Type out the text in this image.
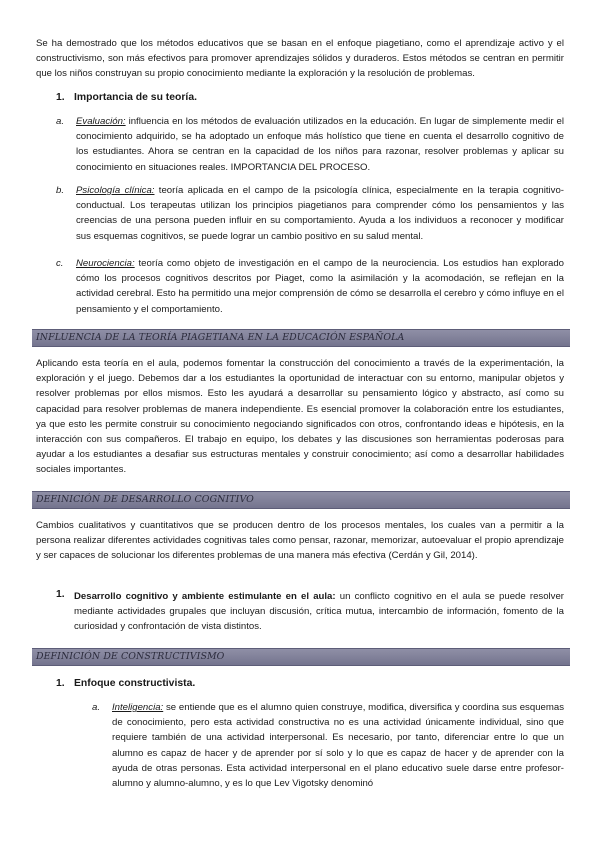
Se ha demostrado que los métodos educativos que se basan en el enfoque piagetiano, como el aprendizaje activo y el constructivismo, son más efectivos para promover aprendizajes sólidos y duraderos. Estos métodos se centran en permitir que los niños construyan su propio conocimiento mediante la exploración y la resolución de problemas.

1. Importancia de su teoría.
a. Evaluación: influencia en los métodos de evaluación utilizados en la educación. En lugar de simplemente medir el conocimiento adquirido, se ha adoptado un enfoque más holístico que tiene en cuenta el desarrollo cognitivo de los estudiantes. Ahora se centran en la capacidad de los niños para razonar, resolver problemas y aplicar su conocimiento en situaciones reales. IMPORTANCIA DEL PROCESO.

b. Psicología clínica: teoría aplicada en el campo de la psicología clínica, especialmente en la terapia cognitivo-conductual. Los terapeutas utilizan los principios piagetianos para comprender cómo los pensamientos y las creencias de una persona pueden influir en su comportamiento. Ayuda a los individuos a reconocer y modificar sus esquemas cognitivos, se puede lograr un cambio positivo en su salud mental.

c. Neurociencia: teoría como objeto de investigación en el campo de la neurociencia. Los estudios han explorado cómo los procesos cognitivos descritos por Piaget, como la asimilación y la acomodación, se reflejan en la actividad cerebral. Esto ha permitido una mejor comprensión de cómo se desarrolla el cerebro y cómo influye en el pensamiento y el comportamiento.

INFLUENCIA DE LA TEORÍA PIAGETIANA EN LA EDUCACIÓN ESPAÑOLA

Aplicando esta teoría en el aula, podemos fomentar la construcción del conocimiento a través de la experimentación, la exploración y el juego. Debemos dar a los estudiantes la oportunidad de interactuar con su entorno, manipular objetos y resolver problemas por ellos mismos. Esto les ayudará a desarrollar su pensamiento lógico y abstracto, así como su capacidad para resolver problemas de manera independiente. Es esencial promover la colaboración entre los estudiantes, ya que esto les permite construir su conocimiento negociando significados con otros, confrontando ideas e hipótesis, en la interacción con sus compañeros. El trabajo en equipo, los debates y las discusiones son herramientas poderosas para ayudar a los estudiantes a desafiar sus estructuras mentales y construir conocimiento; así como a desarrollar habilidades sociales importantes.

DEFINICIÓN DE DESARROLLO COGNITIVO

Cambios cualitativos y cuantitativos que se producen dentro de los procesos mentales, los cuales van a permitir a la persona realizar diferentes actividades cognitivas tales como pensar, razonar, memorizar, autoevaluar el propio aprendizaje y ser capaces de solucionar los diferentes problemas de una manera más efectiva (Cerdán y Gil, 2014).

1. Desarrollo cognitivo y ambiente estimulante en el aula: un conflicto cognitivo en el aula se puede resolver mediante actividades grupales que incluyan discusión, crítica mutua, intercambio de información, fomento de la curiosidad y confrontación de vista distintos.

DEFINICIÓN DE CONSTRUCTIVISMO
1. Enfoque constructivista.
a. Inteligencia: se entiende que es el alumno quien construye, modifica, diversifica y coordina sus esquemas de conocimiento, pero esta actividad constructiva no es una actividad únicamente individual, sino que requiere también de una actividad interpersonal. Es necesario, por tanto, diferenciar entre lo que un alumno es capaz de hacer y de aprender por sí solo y lo que es capaz de hacer y de aprender con la ayuda de otras personas. Esta actividad interpersonal en el plano educativo suele darse entre profesor-alumno y alumno-alumno, y es lo que Lev Vigotsky denominó
